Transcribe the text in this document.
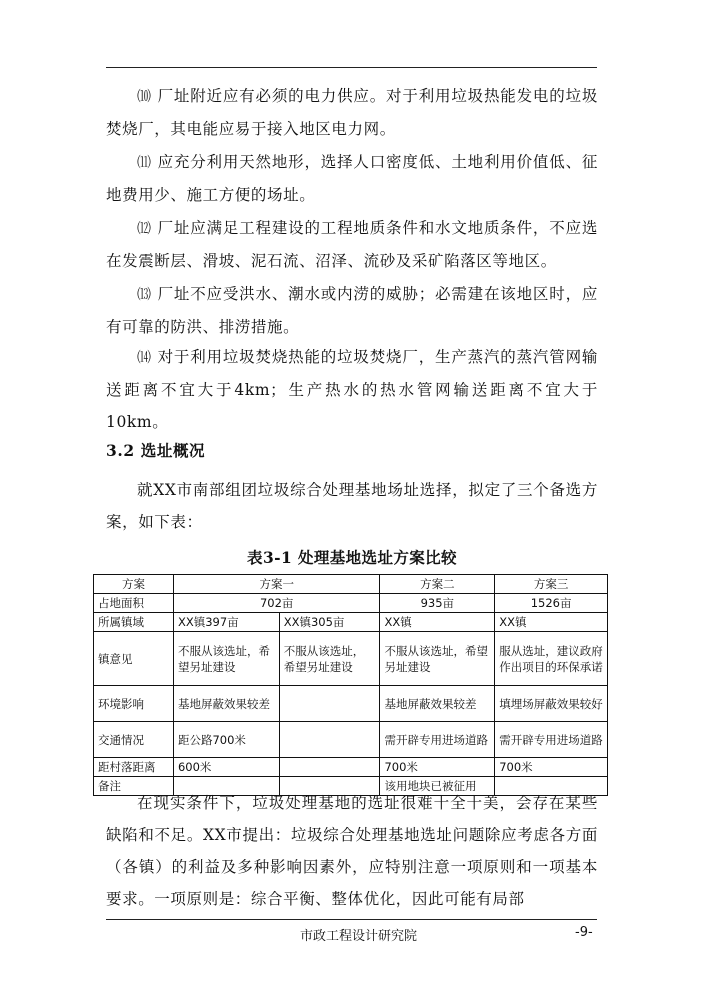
⑽ 厂址附近应有必须的电力供应。对于利用垃圾热能发电的垃圾焚烧厂，其电能应易于接入地区电力网。

⑾ 应充分利用天然地形，选择人口密度低、土地利用价值低、征地费用少、施工方便的场址。

⑿ 厂址应满足工程建设的工程地质条件和水文地质条件，不应选在发震断层、滑坡、泥石流、沼泽、流砂及采矿陷落区等地区。

⒀ 厂址不应受洪水、潮水或内涝的威胁；必需建在该地区时，应有可靠的防洪、排涝措施。

⒁ 对于利用垃圾焚烧热能的垃圾焚烧厂，生产蒸汽的蒸汽管网输送距离不宜大于4km；生产热水的热水管网输送距离不宜大于10km。

3.2 选址概况

就XX市南部组团垃圾综合处理基地场址选择，拟定了三个备选方案，如下表：

表3-1 处理基地选址方案比较
方案	方案一		方案二	方案三
占地面积	702亩		935亩	1526亩
所属镇域	XX镇397亩	XX镇305亩	XX镇	XX镇
镇意见	不服从该选址，希望另址建设	不服从该选址，希望另址建设	不服从该选址，希望另址建设	服从选址，建议政府作出项目的环保承诺
环境影响	基地屏蔽效果较差		基地屏蔽效果较差	填埋场屏蔽效果较好
交通情况	距公路700米		需开辟专用进场道路	需开辟专用进场道路
距村落距离	600米		700米	700米
备注			该用地块已被征用	

在现实条件下，垃圾处理基地的选址很难十全十美，会存在某些缺陷和不足。XX市提出：垃圾综合处理基地选址问题除应考虑各方面（各镇）的利益及多种影响因素外，应特别注意一项原则和一项基本要求。一项原则是：综合平衡、整体优化，因此可能有局部

市政工程设计研究院	-9-
